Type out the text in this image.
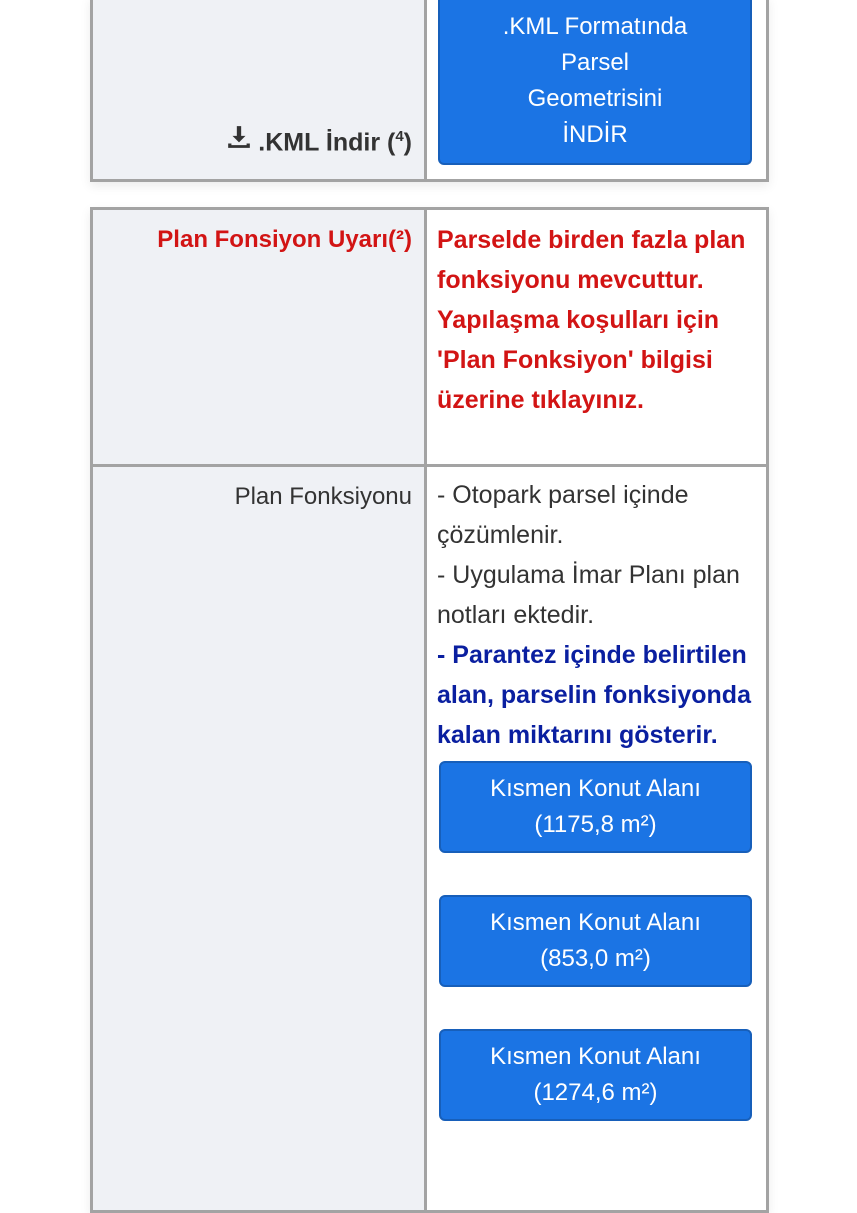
.KML İndir ($^4$)
.KML Formatında
Parsel
Geometrisini
İNDİR
Plan Fonsiyon Uyarı(²)	Parselde birden fazla plan fonksiyonu mevcuttur. Yapılaşma koşulları için 'Plan Fonksiyon' bilgisi üzerine tıklayınız.
Plan Fonksiyonu	- Otopark parsel içinde çözümlenir.
- Uygulama İmar Planı plan notları ektedir.
- Parantez içinde belirtilen alan, parselin fonksiyonda kalan miktarını gösterir.
Kısmen Konut Alanı
(1175,8 m²)
Kısmen Konut Alanı
(853,0 m²)
Kısmen Konut Alanı
(1274,6 m²)
